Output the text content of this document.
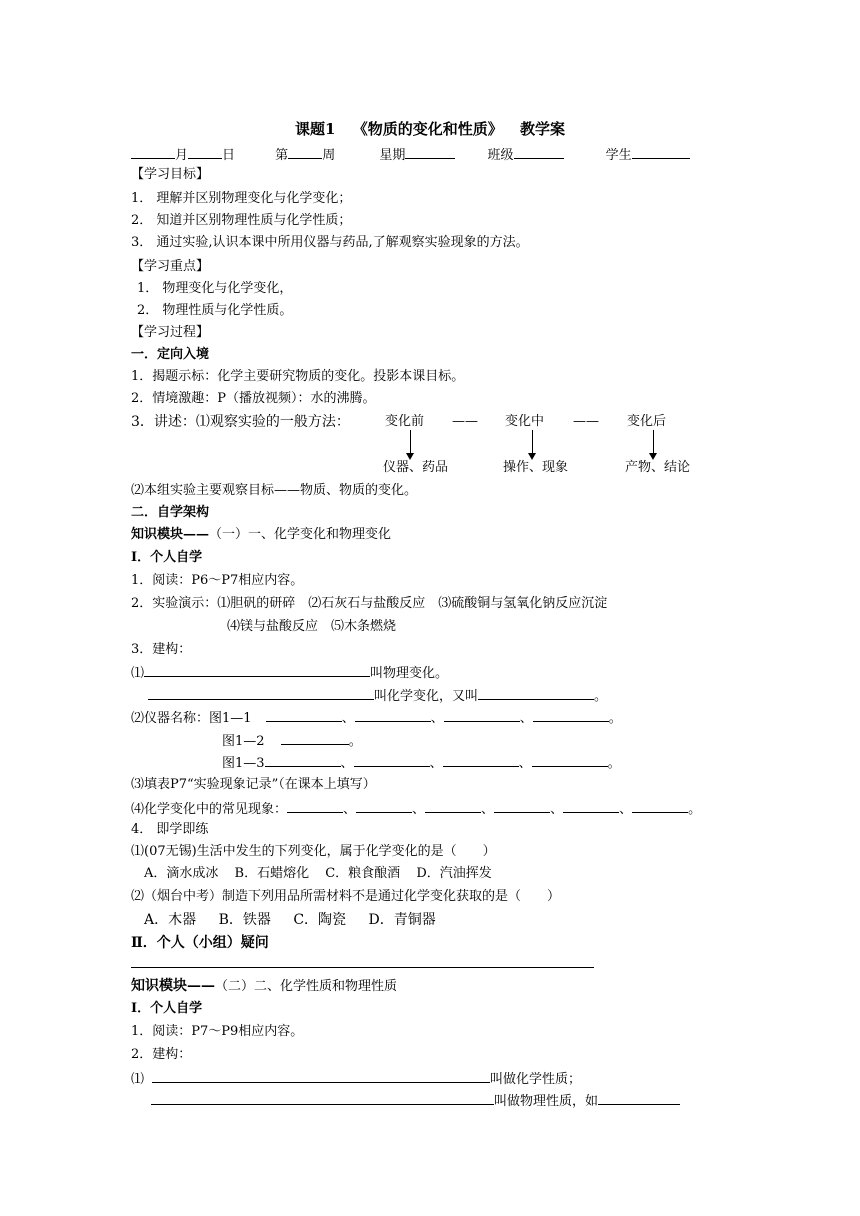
课题1 《物质的变化和性质》 教学案
月	日	第	周	星期	班级	学生
【学习目标】
1． 理解并区别物理变化与化学变化；
2． 知道并区别物理性质与化学性质；
3． 通过实验,认识本课中所用仪器与药品,了解观察实验现象的方法。
【学习重点】
1． 物理变化与化学变化，
2． 物理性质与化学性质。
【学习过程】
一．定向入境
1．揭题示标：化学主要研究物质的变化。投影本课目标。
2．情境激趣：P（播放视频）：水的沸腾。
3．讲述：⑴观察实验的一般方法：	变化前 —— 变化中 —— 变化后
仪器、药品	操作、现象	产物、结论
⑵本组实验主要观察目标——物质、物质的变化。
二．自学架构
知识模块——（一）一、化学变化和物理变化
Ⅰ．个人自学
1．阅读：P6～P7相应内容。
2．实验演示：⑴胆矾的研碎　⑵石灰石与盐酸反应　⑶硫酸铜与氢氧化钠反应沉淀
⑷镁与盐酸反应　⑸木条燃烧
3．建构：
⑴	叫物理变化。
叫化学变化，又叫	。
⑵仪器名称：图1—1	、	、	、	。
图1—2	。
图1—3	、	、	、	。
⑶填表P7“实验现象记录”（在课本上填写）
⑷化学变化中的常见现象：	、	、	、	、	、	。
4． 即学即练
⑴(07无锡)生活中发生的下列变化，属于化学变化的是（　　）
A．滴水成冰 B．石蜡熔化 C．粮食酿酒 D．汽油挥发
⑵（烟台中考）制造下列用品所需材料不是通过化学变化获取的是（　　）
A．木器 B．铁器 C．陶瓷 D．青铜器
Ⅱ．个人（小组）疑问
知识模块——（二）二、化学性质和物理性质
Ⅰ．个人自学
1．阅读：P7～P9相应内容。
2．建构：
⑴	叫做化学性质；
叫做物理性质，如
